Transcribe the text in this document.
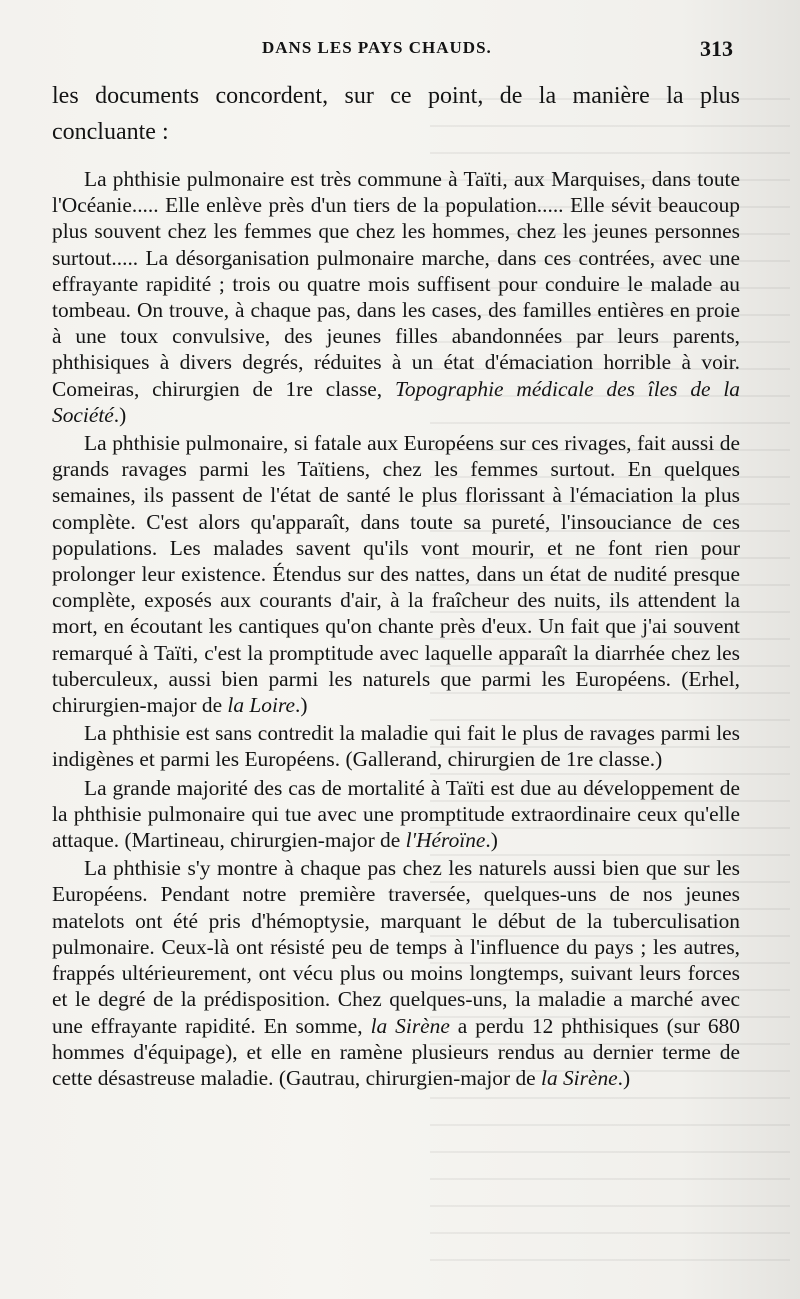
DANS LES PAYS CHAUDS.	313

les documents concordent, sur ce point, de la manière la plus concluante :

La phthisie pulmonaire est très commune à Taïti, aux Marquises, dans toute l'Océanie..... Elle enlève près d'un tiers de la population..... Elle sévit beaucoup plus souvent chez les femmes que chez les hommes, chez les jeunes personnes surtout..... La désorganisation pulmonaire marche, dans ces contrées, avec une effrayante rapidité ; trois ou quatre mois suffisent pour conduire le malade au tombeau. On trouve, à chaque pas, dans les cases, des familles entières en proie à une toux convulsive, des jeunes filles abandonnées par leurs parents, phthisiques à divers degrés, réduites à un état d'émaciation horrible à voir. Comeiras, chirurgien de 1re classe, Topographie médicale des îles de la Société.)

La phthisie pulmonaire, si fatale aux Européens sur ces rivages, fait aussi de grands ravages parmi les Taïtiens, chez les femmes surtout. En quelques semaines, ils passent de l'état de santé le plus florissant à l'émaciation la plus complète. C'est alors qu'apparaît, dans toute sa pureté, l'insouciance de ces populations. Les malades savent qu'ils vont mourir, et ne font rien pour prolonger leur existence. Étendus sur des nattes, dans un état de nudité presque complète, exposés aux courants d'air, à la fraîcheur des nuits, ils attendent la mort, en écoutant les cantiques qu'on chante près d'eux. Un fait que j'ai souvent remarqué à Taïti, c'est la promptitude avec laquelle apparaît la diarrhée chez les tuberculeux, aussi bien parmi les naturels que parmi les Européens. (Erhel, chirurgien-major de la Loire.)

La phthisie est sans contredit la maladie qui fait le plus de ravages parmi les indigènes et parmi les Européens. (Gallerand, chirurgien de 1re classe.)

La grande majorité des cas de mortalité à Taïti est due au développement de la phthisie pulmonaire qui tue avec une promptitude extraordinaire ceux qu'elle attaque. (Martineau, chirurgien-major de l'Héroïne.)

La phthisie s'y montre à chaque pas chez les naturels aussi bien que sur les Européens. Pendant notre première traversée, quelques-uns de nos jeunes matelots ont été pris d'hémoptysie, marquant le début de la tuberculisation pulmonaire. Ceux-là ont résisté peu de temps à l'influence du pays ; les autres, frappés ultérieurement, ont vécu plus ou moins longtemps, suivant leurs forces et le degré de la prédisposition. Chez quelques-uns, la maladie a marché avec une effrayante rapidité. En somme, la Sirène a perdu 12 phthisiques (sur 680 hommes d'équipage), et elle en ramène plusieurs rendus au dernier terme de cette désastreuse maladie. (Gautrau, chirurgien-major de la Sirène.)
